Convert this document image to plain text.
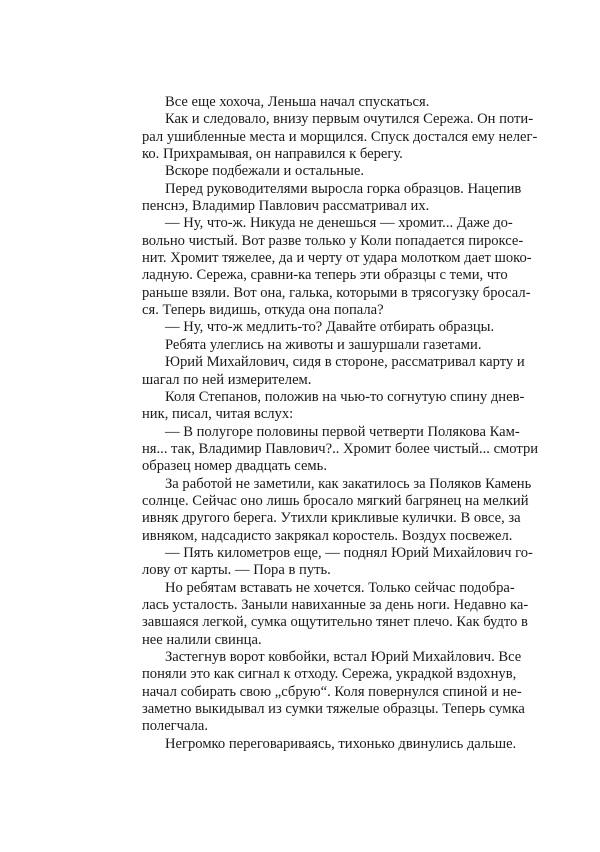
Все еще хохоча, Леньша начал спускаться.
Как и следовало, внизу первым очутился Сережа. Он поти-
рал ушибленные места и морщился. Спуск достался ему нелег-
ко. Прихрамывая, он направился к берегу.
Вскоре подбежали и остальные.
Перед руководителями выросла горка образцов. Нацепив
пенснэ, Владимир Павлович рассматривал их.
— Ну, что-ж. Никуда не денешься — хромит... Даже до-
вольно чистый. Вот разве только у Коли попадается пироксе-
нит. Хромит тяжелее, да и черту от удара молотком дает шоко-
ладную. Сережа, сравни-ка теперь эти образцы с теми, что
раньше взяли. Вот она, галька, которыми в трясогузку бросал-
ся. Теперь видишь, откуда она попала?
— Ну, что-ж медлить-то? Давайте отбирать образцы.
Ребята улеглись на животы и зашуршали газетами.
Юрий Михайлович, сидя в стороне, рассматривал карту и
шагал по ней измерителем.
Коля Степанов, положив на чью-то согнутую спину днев-
ник, писал, читая вслух:
— В полугоре половины первой четверти Полякова Кам-
ня... так, Владимир Павлович?.. Хромит более чистый... смотри
образец номер двадцать семь.
За работой не заметили, как закатилось за Поляков Камень
солнце. Сейчас оно лишь бросало мягкий багрянец на мелкий
ивняк другого берега. Утихли крикливые кулички. В овсе, за
ивняком, надсадисто закрякал коростель. Воздух посвежел.
— Пять километров еще, — поднял Юрий Михайлович го-
лову от карты. — Пора в путь.
Но ребятам вставать не хочется. Только сейчас подобра-
лась усталость. Заныли навиханные за день ноги. Недавно ка-
завшаяся легкой, сумка ощутительно тянет плечо. Как будто в
нее налили свинца.
Застегнув ворот ковбойки, встал Юрий Михайлович. Все
поняли это как сигнал к отходу. Сережа, украдкой вздохнув,
начал собирать свою „сбрую“. Коля повернулся спиной и не-
заметно выкидывал из сумки тяжелые образцы. Теперь сумка
полегчала.
Негромко переговариваясь, тихонько двинулись дальше.
